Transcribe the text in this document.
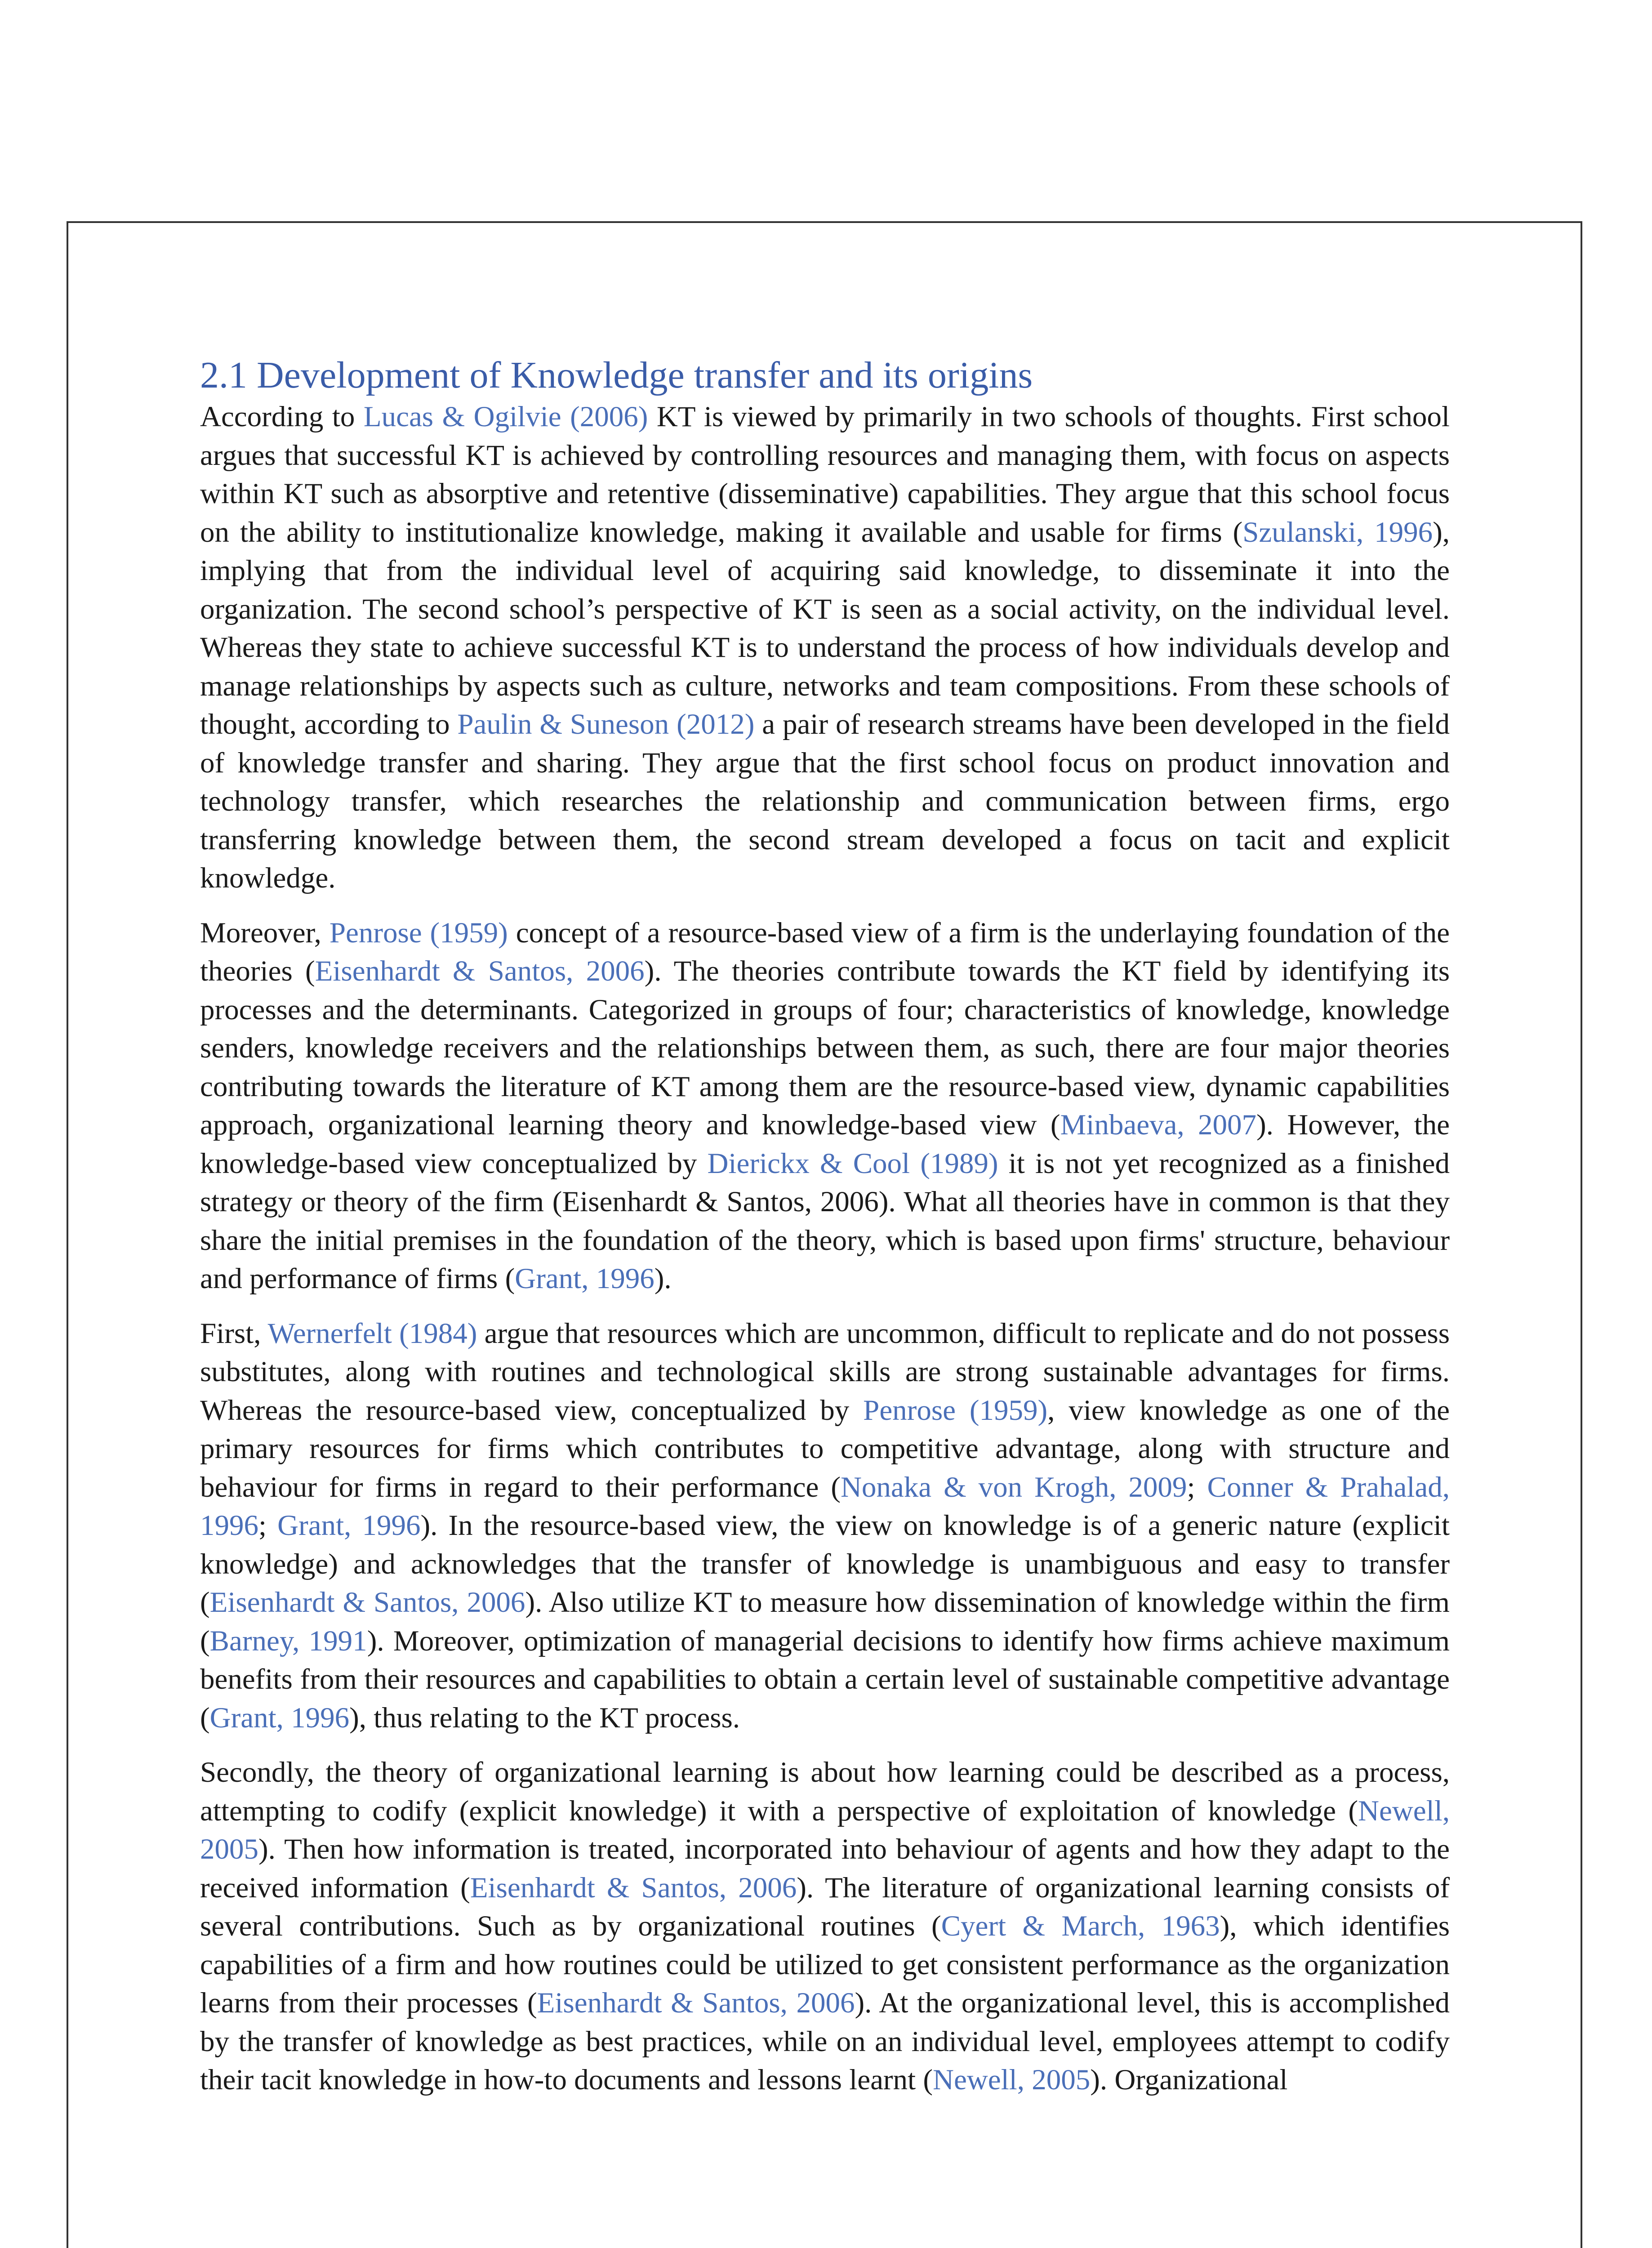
2.1 Development of Knowledge transfer and its origins

According to Lucas & Ogilvie (2006) KT is viewed by primarily in two schools of thoughts. First school argues that successful KT is achieved by controlling resources and managing them, with focus on aspects within KT such as absorptive and retentive (disseminative) capabilities. They argue that this school focus on the ability to institutionalize knowledge, making it available and usable for firms (Szulanski, 1996), implying that from the individual level of acquiring said knowledge, to disseminate it into the organization. The second school’s perspective of KT is seen as a social activity, on the individual level. Whereas they state to achieve successful KT is to understand the process of how individuals develop and manage relationships by aspects such as culture, networks and team compositions. From these schools of thought, according to Paulin & Suneson (2012) a pair of research streams have been developed in the field of knowledge transfer and sharing. They argue that the first school focus on product innovation and technology transfer, which researches the relationship and communication between firms, ergo transferring knowledge between them, the second stream developed a focus on tacit and explicit knowledge.

Moreover, Penrose (1959) concept of a resource-based view of a firm is the underlaying foundation of the theories (Eisenhardt & Santos, 2006). The theories contribute towards the KT field by identifying its processes and the determinants. Categorized in groups of four; characteristics of knowledge, knowledge senders, knowledge receivers and the relationships between them, as such, there are four major theories contributing towards the literature of KT among them are the resource-based view, dynamic capabilities approach, organizational learning theory and knowledge-based view (Minbaeva, 2007). However, the knowledge-based view conceptualized by Dierickx & Cool (1989) it is not yet recognized as a finished strategy or theory of the firm (Eisenhardt & Santos, 2006). What all theories have in common is that they share the initial premises in the foundation of the theory, which is based upon firms' structure, behaviour and performance of firms (Grant, 1996).

First, Wernerfelt (1984) argue that resources which are uncommon, difficult to replicate and do not possess substitutes, along with routines and technological skills are strong sustainable advantages for firms. Whereas the resource-based view, conceptualized by Penrose (1959), view knowledge as one of the primary resources for firms which contributes to competitive advantage, along with structure and behaviour for firms in regard to their performance (Nonaka & von Krogh, 2009; Conner & Prahalad, 1996; Grant, 1996). In the resource-based view, the view on knowledge is of a generic nature (explicit knowledge) and acknowledges that the transfer of knowledge is unambiguous and easy to transfer (Eisenhardt & Santos, 2006). Also utilize KT to measure how dissemination of knowledge within the firm (Barney, 1991). Moreover, optimization of managerial decisions to identify how firms achieve maximum benefits from their resources and capabilities to obtain a certain level of sustainable competitive advantage (Grant, 1996), thus relating to the KT process.

Secondly, the theory of organizational learning is about how learning could be described as a process, attempting to codify (explicit knowledge) it with a perspective of exploitation of knowledge (Newell, 2005). Then how information is treated, incorporated into behaviour of agents and how they adapt to the received information (Eisenhardt & Santos, 2006). The literature of organizational learning consists of several contributions. Such as by organizational routines (Cyert & March, 1963), which identifies capabilities of a firm and how routines could be utilized to get consistent performance as the organization learns from their processes (Eisenhardt & Santos, 2006). At the organizational level, this is accomplished by the transfer of knowledge as best practices, while on an individual level, employees attempt to codify their tacit knowledge in how-to documents and lessons learnt (Newell, 2005). Organizational
